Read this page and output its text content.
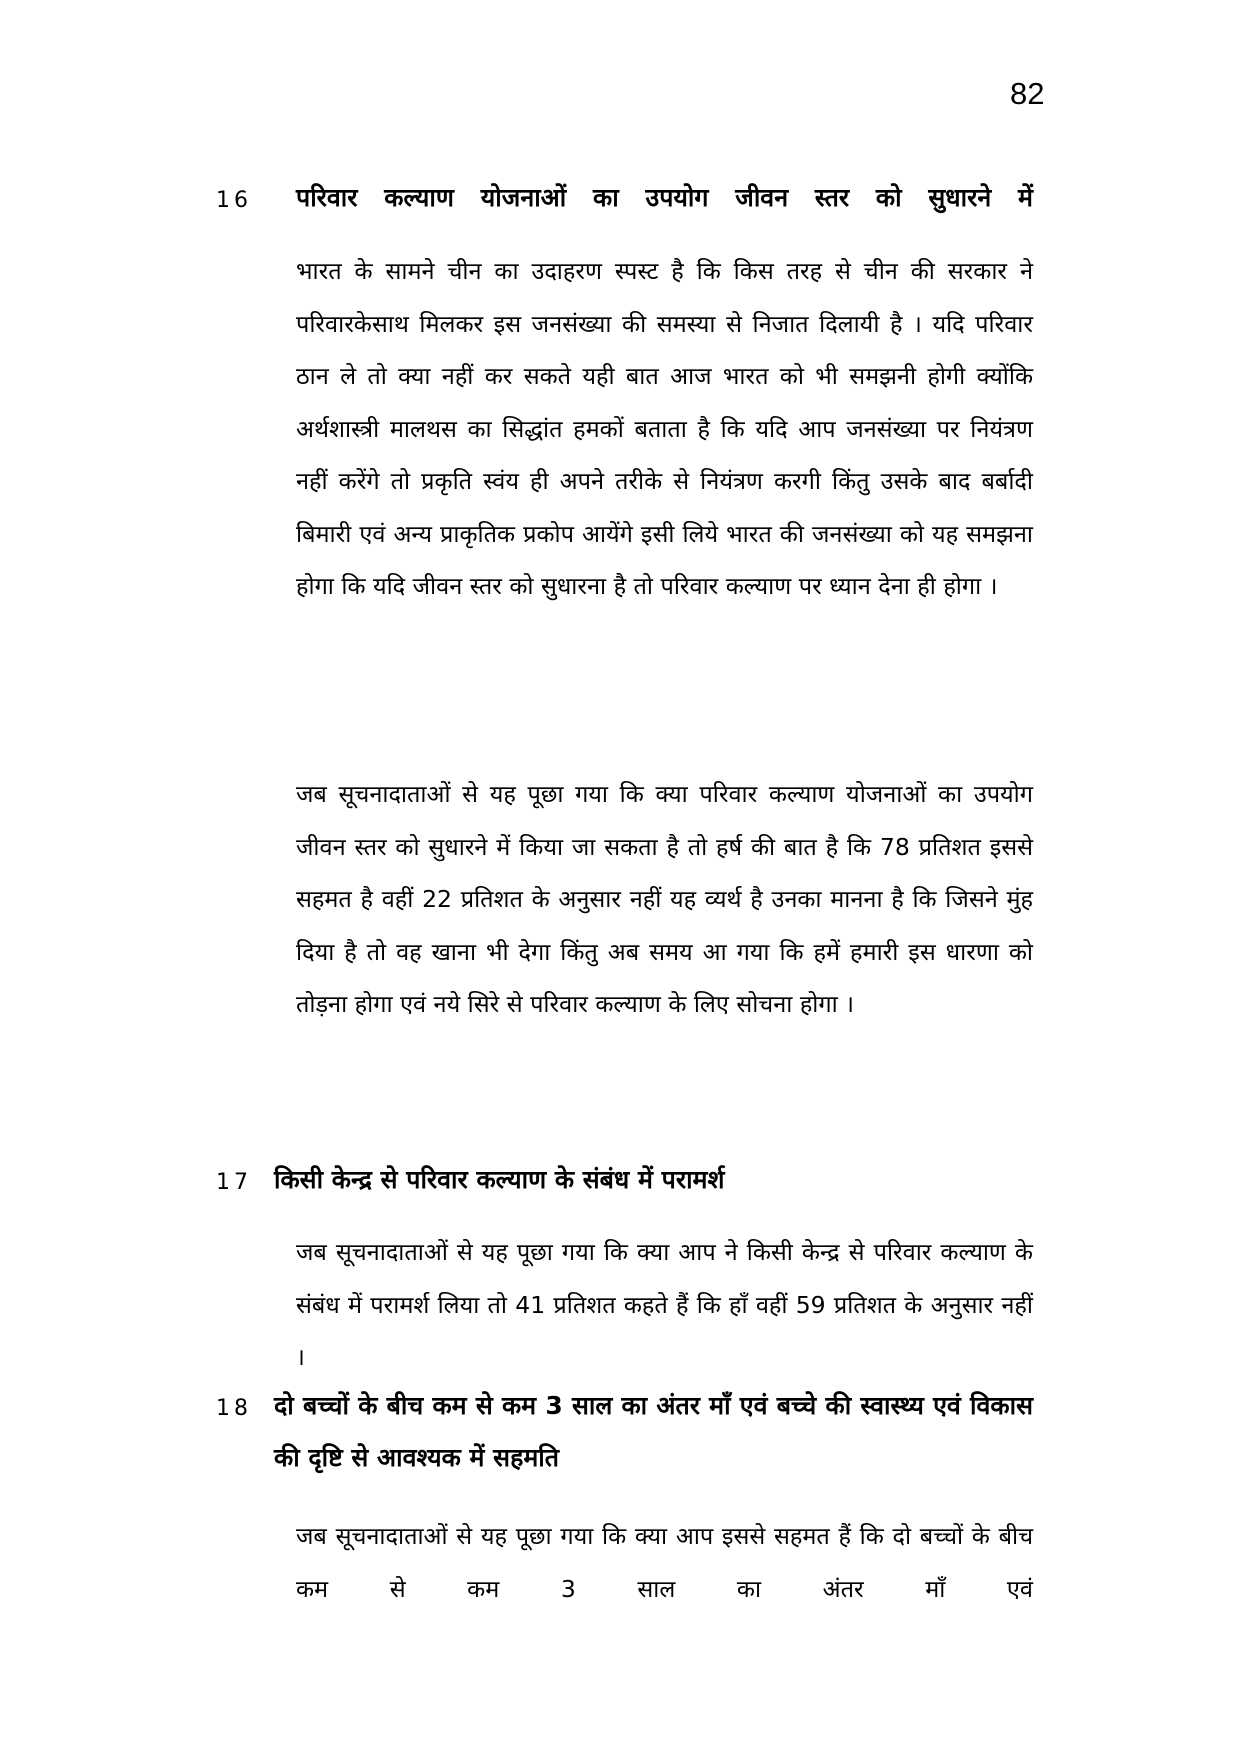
82
16 परिवार कल्याण योजनाओं का उपयोग जीवन स्तर को सुधारने में

भारत के सामने चीन का उदाहरण स्पस्ट है कि किस तरह से चीन की सरकार ने परिवारकेसाथ मिलकर इस जनसंख्या की समस्या से निजात दिलायी है । यदि परिवार ठान ले तो क्या नहीं कर सकते यही बात आज भारत को भी समझनी होगी क्योंकि अर्थशास्त्री मालथस का सिद्धांत हमकों बताता है कि यदि आप जनसंख्या पर नियंत्रण नहीं करेंगे तो प्रकृति स्वंय ही अपने तरीके से नियंत्रण करगी किंतु उसके बाद बर्बादी बिमारी एवं अन्य प्राकृतिक प्रकोप आयेंगे इसी लिये भारत की जनसंख्या को यह समझना होगा कि यदि जीवन स्तर को सुधारना है तो परिवार कल्याण पर ध्यान देना ही होगा ।

जब सूचनादाताओं से यह पूछा गया कि क्या परिवार कल्याण योजनाओं का उपयोग जीवन स्तर को सुधारने में किया जा सकता है तो हर्ष की बात है कि 78 प्रतिशत इससे सहमत है वहीं 22 प्रतिशत के अनुसार नहीं यह व्यर्थ है उनका मानना है कि जिसने मुंह दिया है तो वह खाना भी देगा किंतु अब समय आ गया कि हमें हमारी इस धारणा को तोड़ना होगा एवं नये सिरे से परिवार कल्याण के लिए सोचना होगा ।

17 किसी केन्द्र से परिवार कल्याण के संबंध में परामर्श

जब सूचनादाताओं से यह पूछा गया कि क्या आप ने किसी केन्द्र से परिवार कल्याण के संबंध में परामर्श लिया तो 41 प्रतिशत कहते हैं कि हाँ वहीं 59 प्रतिशत के अनुसार नहीं ।

18 दो बच्चों के बीच कम से कम 3 साल का अंतर माँ एवं बच्चे की स्वास्थ्य एवं विकास की दृष्टि से आवश्यक में सहमति

जब सूचनादाताओं से यह पूछा गया कि क्या आप इससे सहमत हैं कि दो बच्चों के बीच कम से कम 3 साल का अंतर माँ एवं
